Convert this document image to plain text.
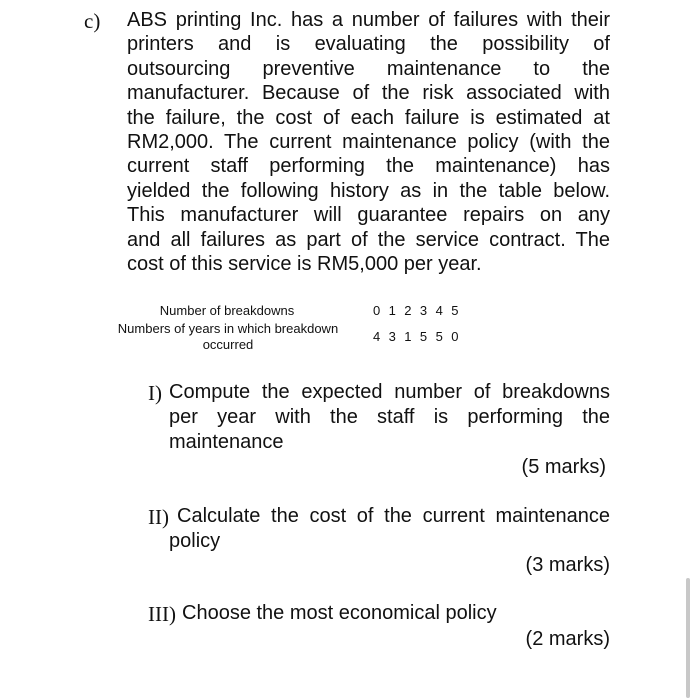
c) ABS printing Inc. has a number of failures with their
printers and is evaluating the possibility of
outsourcing preventive maintenance to the
manufacturer. Because of the risk associated with
the failure, the cost of each failure is estimated at
RM2,000. The current maintenance policy (with the
current staff performing the maintenance) has
yielded the following history as in the table below.
This manufacturer will guarantee repairs on any
and all failures as part of the service contract. The
cost of this service is RM5,000 per year.
Number of breakdowns	0 1 2 3 4 5
Numbers of years in which breakdown
occurred
4 3 1 5 5 0
I) Compute the expected number of breakdowns
per year with the staff is performing the
maintenance
(5 marks)
II) Calculate the cost of the current maintenance
policy
(3 marks)
III) Choose the most economical policy
(2 marks)
